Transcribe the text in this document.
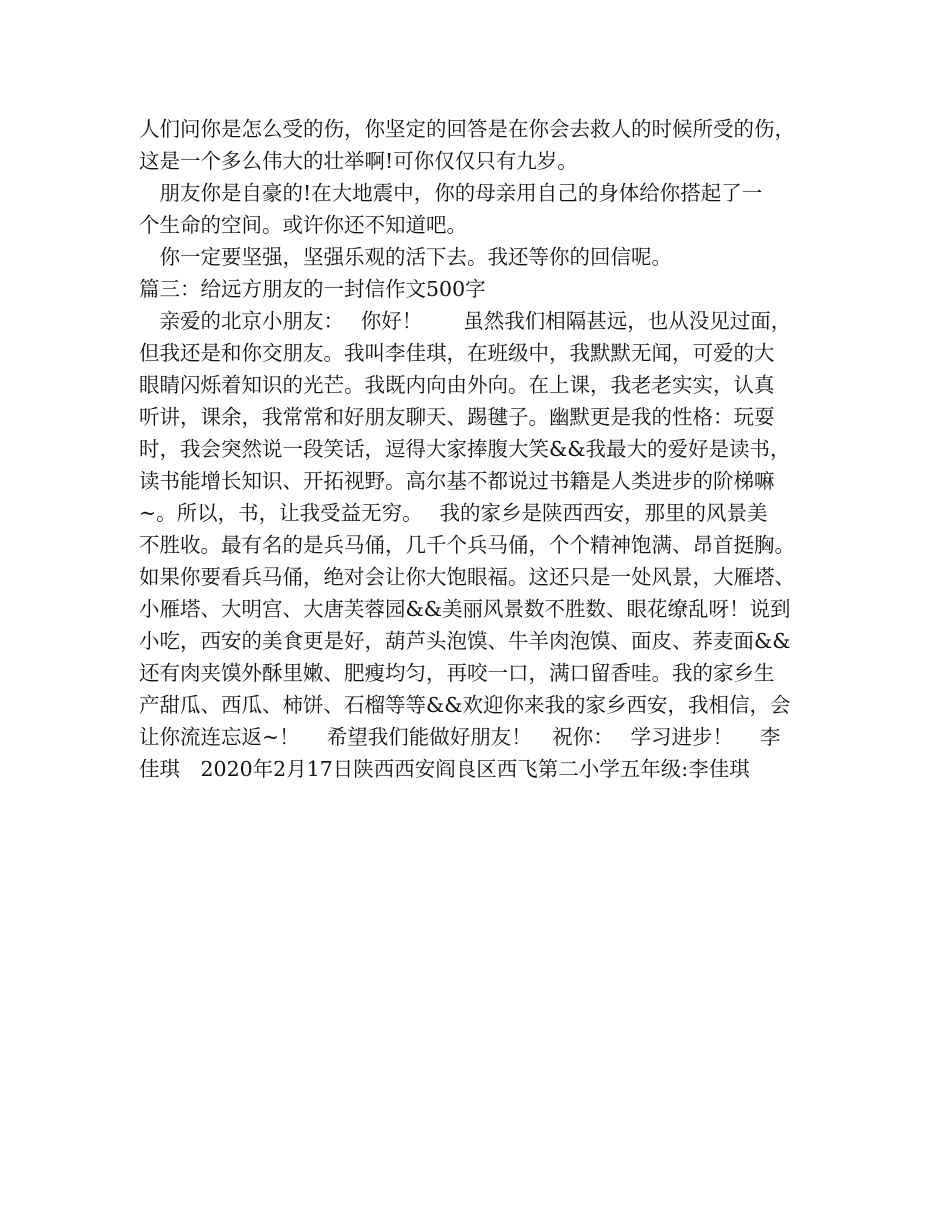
人们问你是怎么受的伤，你坚定的回答是在你会去救人的时候所受的伤，
这是一个多么伟大的壮举啊!可你仅仅只有九岁。
　朋友你是自豪的!在大地震中，你的母亲用自己的身体给你搭起了一
个生命的空间。或许你还不知道吧。
　你一定要坚强，坚强乐观的活下去。我还等你的回信呢。
篇三：给远方朋友的一封信作文500字
　亲爱的北京小朋友：　 你好！　　虽然我们相隔甚远，也从没见过面，
但我还是和你交朋友。我叫李佳琪，在班级中，我默默无闻，可爱的大
眼睛闪烁着知识的光芒。我既内向由外向。在上课，我老老实实，认真
听讲，课余，我常常和好朋友聊天、踢毽子。幽默更是我的性格：玩耍
时，我会突然说一段笑话，逗得大家捧腹大笑&&我最大的爱好是读书，
读书能增长知识、开拓视野。高尔基不都说过书籍是人类进步的阶梯嘛
~。所以，书，让我受益无穷。　 我的家乡是陕西西安，那里的风景美
不胜收。最有名的是兵马俑，几千个兵马俑，个个精神饱满、昂首挺胸。
如果你要看兵马俑，绝对会让你大饱眼福。这还只是一处风景，大雁塔、
小雁塔、大明宫、大唐芙蓉园&&美丽风景数不胜数、眼花缭乱呀！说到
小吃，西安的美食更是好，葫芦头泡馍、牛羊肉泡馍、面皮、荞麦面&&
还有肉夹馍外酥里嫩、肥瘦均匀，再咬一口，满口留香哇。我的家乡生
产甜瓜、西瓜、柿饼、石榴等等&&欢迎你来我的家乡西安，我相信，会
让你流连忘返~！　 希望我们能做好朋友！　祝你：　 学习进步！　 李
佳琪　2020年2月17日陕西西安阎良区西飞第二小学五年级:李佳琪
